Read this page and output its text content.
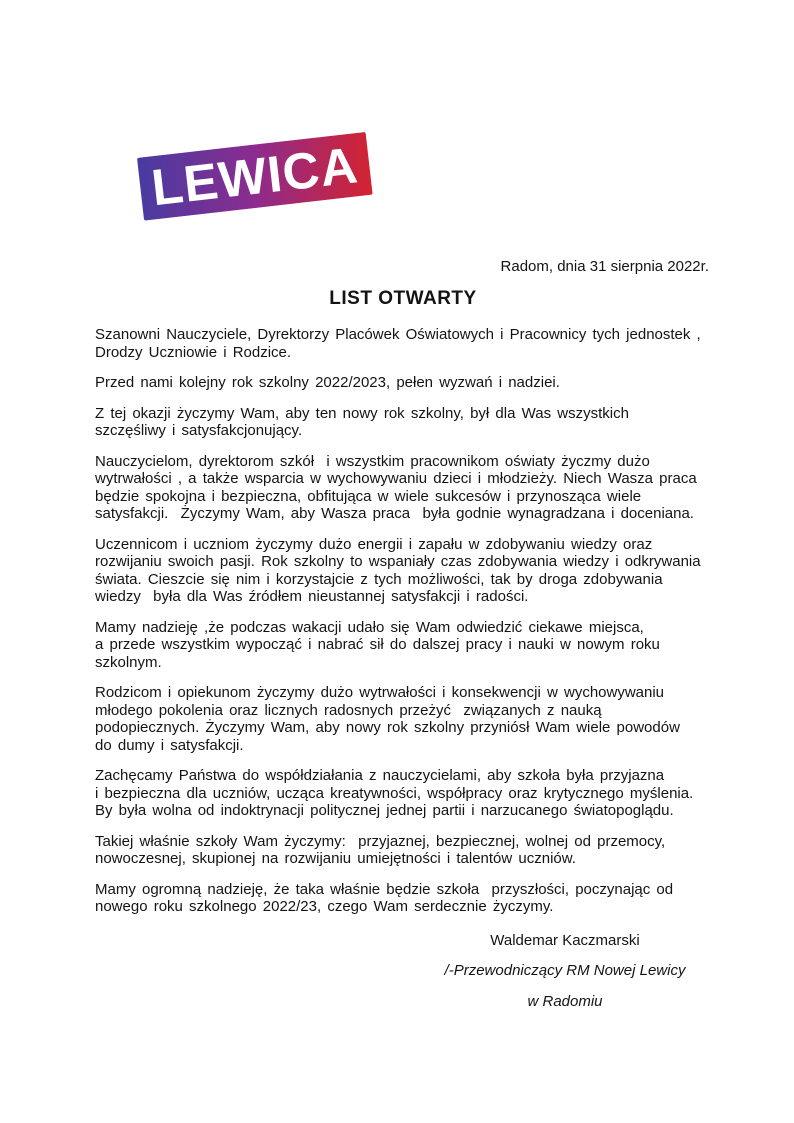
LEWICA
Radom, dnia 31 sierpnia 2022r.
LIST OTWARTY

Szanowni Nauczyciele, Dyrektorzy Placówek Oświatowych i Pracownicy tych jednostek ,
Drodzy Uczniowie i Rodzice.

Przed nami kolejny rok szkolny 2022/2023, pełen wyzwań i nadziei.

Z tej okazji życzymy Wam, aby ten nowy rok szkolny, był dla Was wszystkich
szczęśliwy i satysfakcjonujący.

Nauczycielom, dyrektorom szkół  i wszystkim pracownikom oświaty życzmy dużo
wytrwałości , a także wsparcia w wychowywaniu dzieci i młodzieży. Niech Wasza praca
będzie spokojna i bezpieczna, obfitująca w wiele sukcesów i przynosząca wiele
satysfakcji.  Życzymy Wam, aby Wasza praca  była godnie wynagradzana i doceniana.

Uczennicom i uczniom życzymy dużo energii i zapału w zdobywaniu wiedzy oraz
rozwijaniu swoich pasji. Rok szkolny to wspaniały czas zdobywania wiedzy i odkrywania
świata. Cieszcie się nim i korzystajcie z tych możliwości, tak by droga zdobywania
wiedzy  była dla Was źródłem nieustannej satysfakcji i radości.

Mamy nadzieję ,że podczas wakacji udało się Wam odwiedzić ciekawe miejsca,
a przede wszystkim wypocząć i nabrać sił do dalszej pracy i nauki w nowym roku
szkolnym.

Rodzicom i opiekunom życzymy dużo wytrwałości i konsekwencji w wychowywaniu
młodego pokolenia oraz licznych radosnych przeżyć  związanych z nauką
podopiecznych. Życzymy Wam, aby nowy rok szkolny przyniósł Wam wiele powodów
do dumy i satysfakcji.

Zachęcamy Państwa do współdziałania z nauczycielami, aby szkoła była przyjazna
i bezpieczna dla uczniów, ucząca kreatywności, współpracy oraz krytycznego myślenia.
By była wolna od indoktrynacji politycznej jednej partii i narzucanego światopoglądu.

Takiej właśnie szkoły Wam życzymy:  przyjaznej, bezpiecznej, wolnej od przemocy,
nowoczesnej, skupionej na rozwijaniu umiejętności i talentów uczniów.

Mamy ogromną nadzieję, że taka właśnie będzie szkoła  przyszłości, poczynając od
nowego roku szkolnego 2022/23, czego Wam serdecznie życzymy.

Waldemar Kaczmarski
/-Przewodniczący RM Nowej Lewicy
w Radomiu
